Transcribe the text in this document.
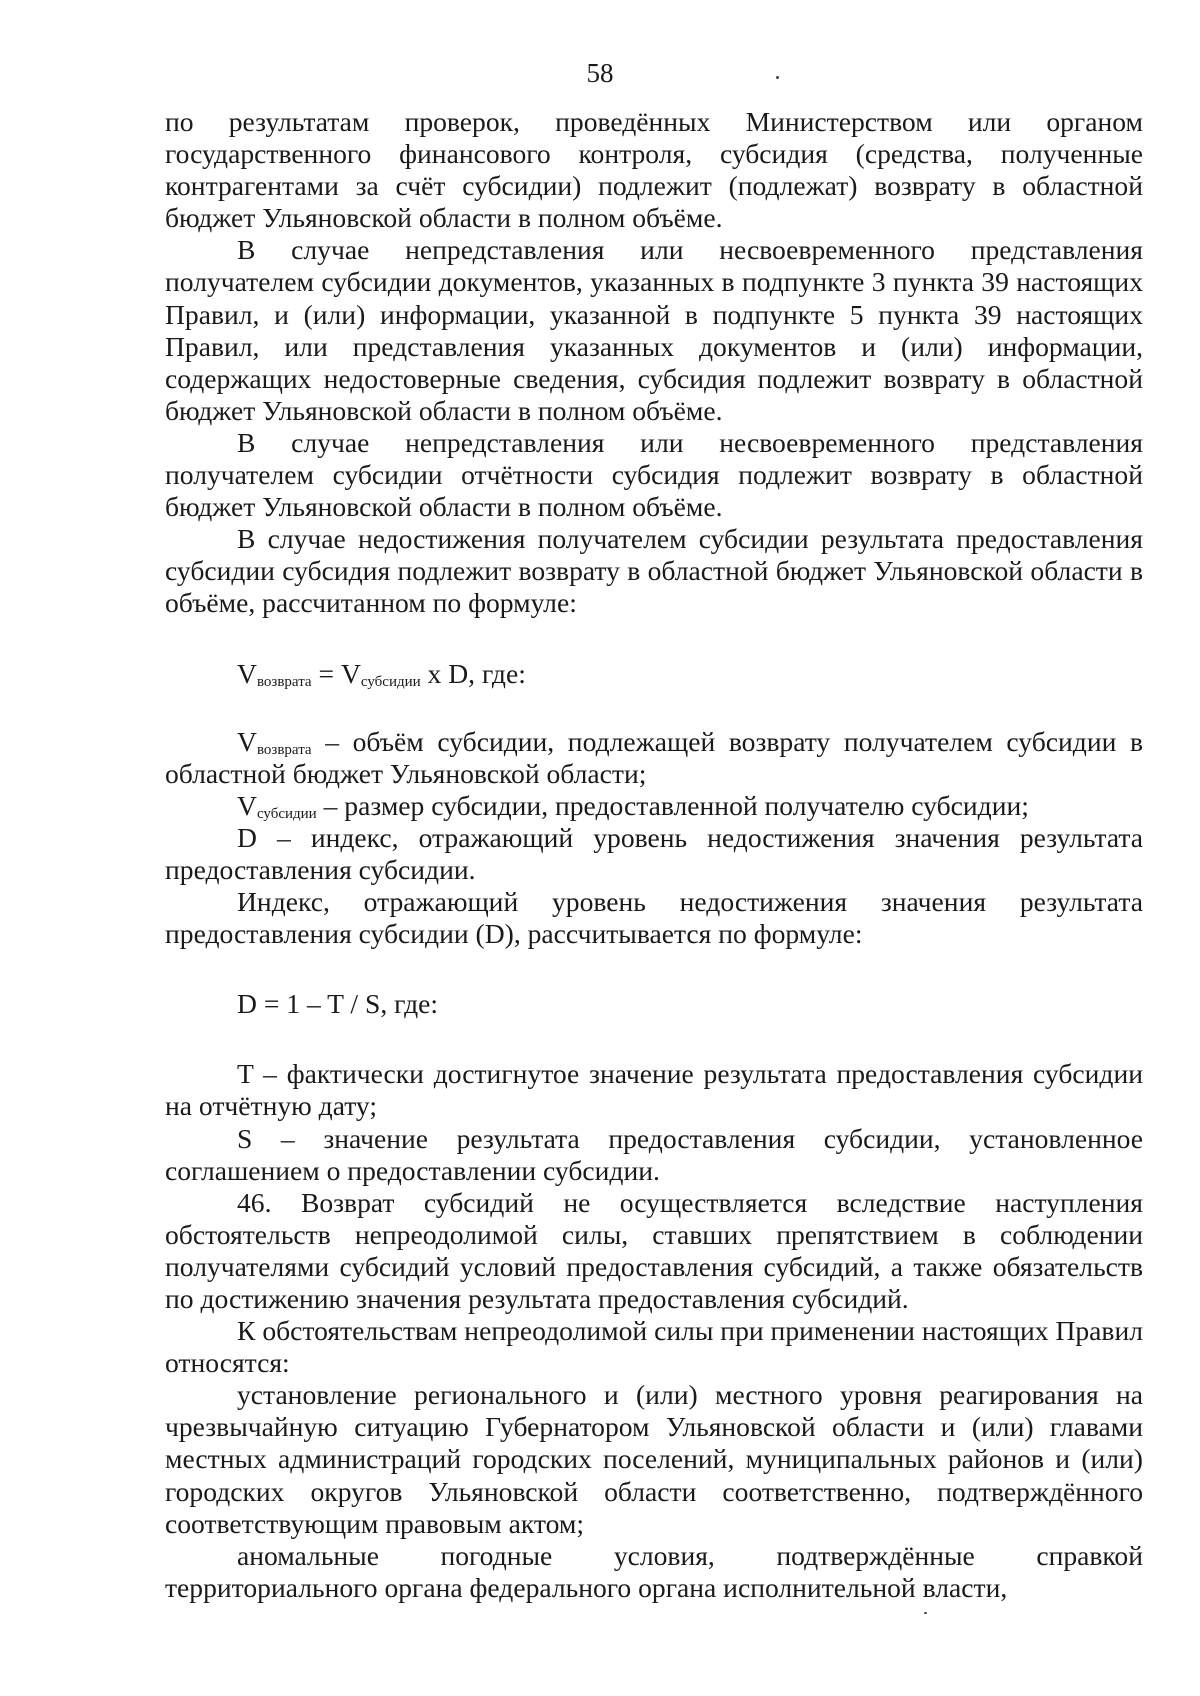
58

по результатам проверок, проведённых Министерством или органом государственного финансового контроля, субсидия (средства, полученные контрагентами за счёт субсидии) подлежит (подлежат) возврату в областной бюджет Ульяновской области в полном объёме.

В случае непредставления или несвоевременного представления получателем субсидии документов, указанных в подпункте 3 пункта 39 настоящих Правил, и (или) информации, указанной в подпункте 5 пункта 39 настоящих Правил, или представления указанных документов и (или) информации, содержащих недостоверные сведения, субсидия подлежит возврату в областной бюджет Ульяновской области в полном объёме.

В случае непредставления или несвоевременного представления получателем субсидии отчётности субсидия подлежит возврату в областной бюджет Ульяновской области в полном объёме.

В случае недостижения получателем субсидии результата предоставления субсидии субсидия подлежит возврату в областной бюджет Ульяновской области в объёме, рассчитанном по формуле:

$V_{возврата} = V_{субсидии}$ x D, где:

$V_{возврата}$ – объём субсидии, подлежащей возврату получателем субсидии в областной бюджет Ульяновской области;

$V_{субсидии}$ – размер субсидии, предоставленной получателю субсидии;

D – индекс, отражающий уровень недостижения значения результата предоставления субсидии.

Индекс, отражающий уровень недостижения значения результата предоставления субсидии (D), рассчитывается по формуле:

D = 1 – T / S, где:

T – фактически достигнутое значение результата предоставления субсидии на отчётную дату;

S – значение результата предоставления субсидии, установленное соглашением о предоставлении субсидии.

46. Возврат субсидий не осуществляется вследствие наступления обстоятельств непреодолимой силы, ставших препятствием в соблюдении получателями субсидий условий предоставления субсидий, а также обязательств по достижению значения результата предоставления субсидий.

К обстоятельствам непреодолимой силы при применении настоящих Правил относятся:

установление регионального и (или) местного уровня реагирования на чрезвычайную ситуацию Губернатором Ульяновской области и (или) главами местных администраций городских поселений, муниципальных районов и (или) городских округов Ульяновской области соответственно, подтверждённого соответствующим правовым актом;

аномальные погодные условия, подтверждённые справкой территориального органа федерального органа исполнительной власти,
